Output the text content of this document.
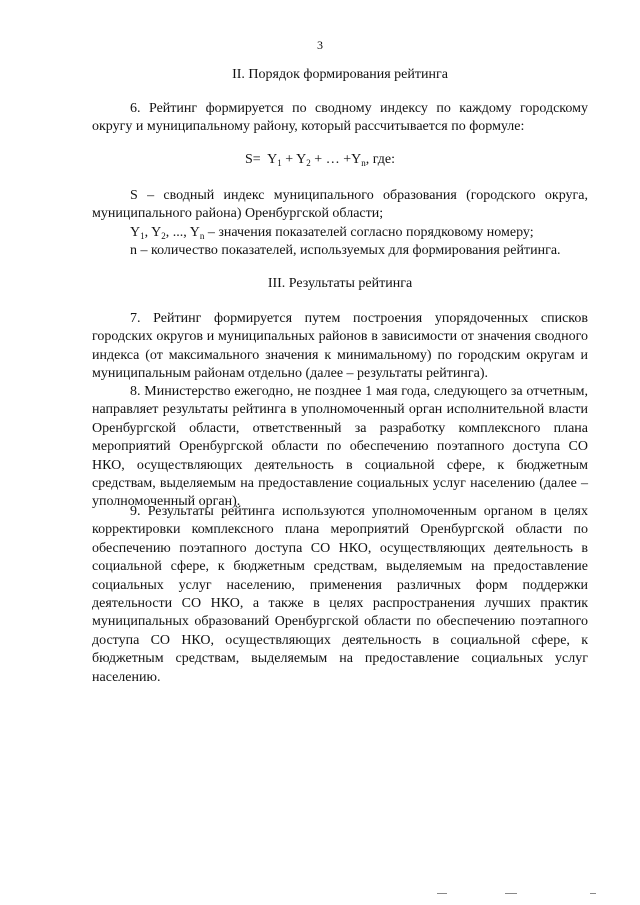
3
II. Порядок формирования рейтинга

6. Рейтинг формируется по сводному индексу по каждому городскому округу и муниципальному району, который рассчитывается по формуле:

$S= Y_1 + Y_2$ + … $+Y_n$, где:

S – сводный индекс муниципального образования (городского округа, муниципального района) Оренбургской области;

$Y_1$, $Y_2$, ..., $Y_n$ – значения показателей согласно порядковому номеру;

n – количество показателей, используемых для формирования рейтинга.

III. Результаты рейтинга

7. Рейтинг формируется путем построения упорядоченных списков городских округов и муниципальных районов в зависимости от значения сводного индекса (от максимального значения к минимальному) по городским округам и муниципальным районам отдельно (далее – результаты рейтинга).

8. Министерство ежегодно, не позднее 1 мая года, следующего за отчетным, направляет результаты рейтинга в уполномоченный орган исполнительной власти Оренбургской области, ответственный за разработку комплексного плана мероприятий Оренбургской области по обеспечению поэтапного доступа СО НКО, осуществляющих деятельность в социальной сфере, к бюджетным средствам, выделяемым на предоставление социальных услуг населению (далее – уполномоченный орган).

9. Результаты рейтинга используются уполномоченным органом в целях корректировки комплексного плана мероприятий Оренбургской области по обеспечению поэтапного доступа СО НКО, осуществляющих деятельность в социальной сфере, к бюджетным средствам, выделяемым на предоставление социальных услуг населению, применения различных форм поддержки деятельности СО НКО, а также в целях распространения лучших практик муниципальных образований Оренбургской области по обеспечению поэтапного доступа СО НКО, осуществляющих деятельность в социальной сфере, к бюджетным средствам, выделяемым на предоставление социальных услуг населению.
